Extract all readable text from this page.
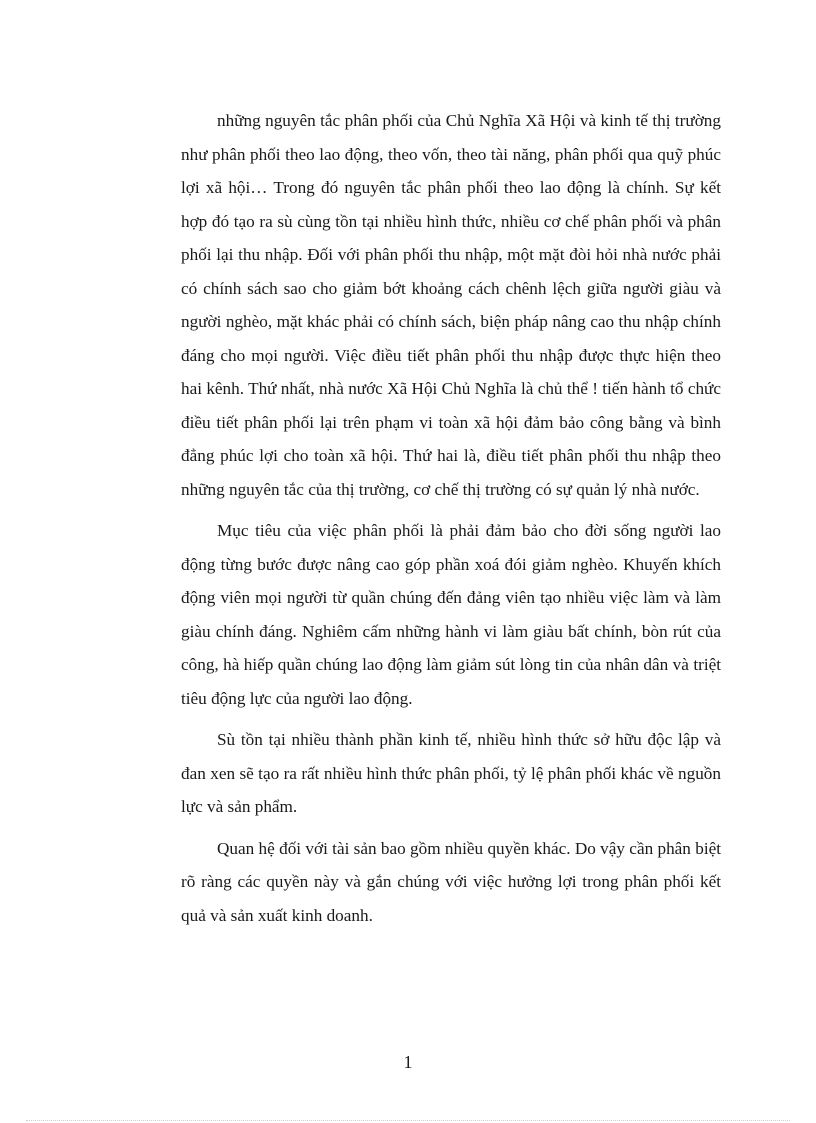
những nguyên tắc phân phối của Chủ Nghĩa Xã Hội và kinh tế thị trường như phân phối theo lao động, theo vốn, theo tài năng, phân phối qua quỹ phúc lợi xã hội… Trong đó nguyên tắc phân phối theo lao động là chính. Sự kết hợp đó tạo ra sù cùng tồn tại nhiều hình thức, nhiều cơ chế phân phối và phân phối lại thu nhập. Đối với phân phối thu nhập, một mặt đòi hỏi nhà nước phải có chính sách sao cho giảm bớt khoảng cách chênh lệch giữa người giàu và người nghèo, mặt khác phải có chính sách, biện pháp nâng cao thu nhập chính đáng cho mọi người. Việc điều tiết phân phối thu nhập được thực hiện theo hai kênh. Thứ nhất, nhà nước Xã Hội Chủ Nghĩa là chủ thể ! tiến hành tổ chức điều tiết phân phối lại trên phạm vi toàn xã hội đảm bảo công bằng và bình đẳng phúc lợi cho toàn xã hội. Thứ hai là, điều tiết phân phối thu nhập theo những nguyên tắc của thị trường, cơ chế thị trường có sự quản lý nhà nước.

Mục tiêu của việc phân phối là phải đảm bảo cho đời sống người lao động từng bước được nâng cao góp phần xoá đói giảm nghèo. Khuyến khích động viên mọi người từ quần chúng đến đảng viên tạo nhiều việc làm và làm giàu chính đáng. Nghiêm cấm những hành vi làm giàu bất chính, bòn rút của công, hà hiếp quần chúng lao động làm giảm sút lòng tin của nhân dân và triệt tiêu động lực của người lao động.

Sù tồn tại nhiều thành phần kinh tế, nhiều hình thức sở hữu độc lập và đan xen sẽ tạo ra rất nhiều hình thức phân phối, tỷ lệ phân phối khác về nguồn lực và sản phẩm.

Quan hệ đối với tài sản bao gồm nhiều quyền khác. Do vậy cần phân biệt rõ ràng các quyền này và gắn chúng với việc hưởng lợi trong phân phối kết quả và sản xuất kinh doanh.

1
